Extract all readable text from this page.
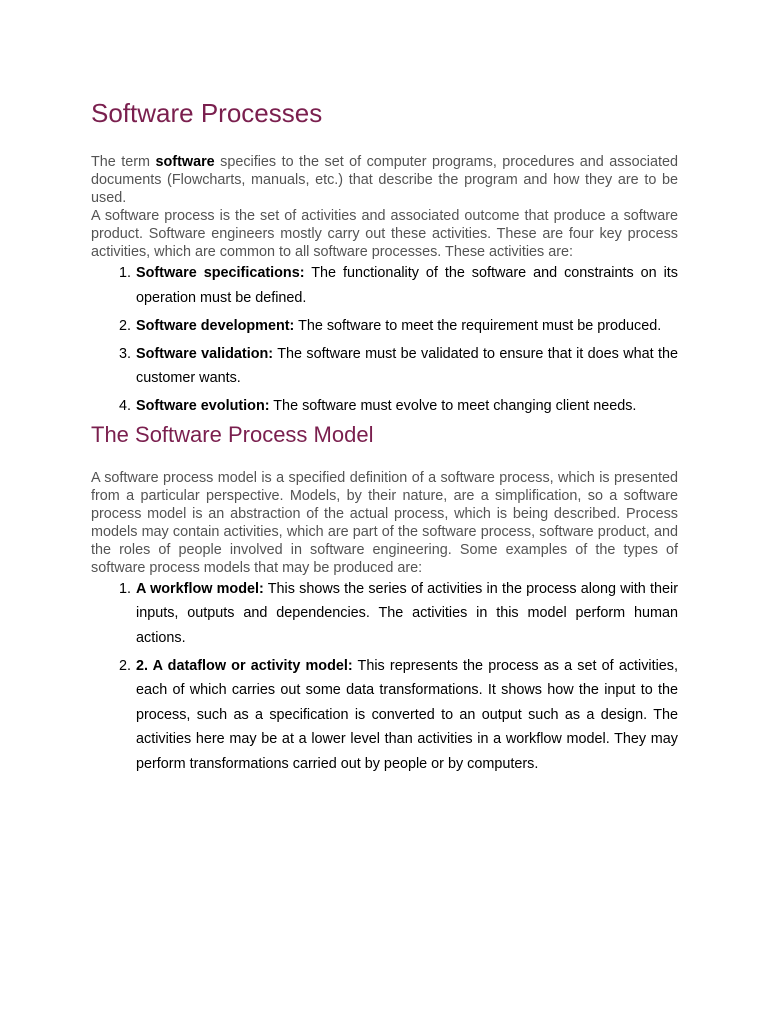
Software Processes

The term software specifies to the set of computer programs, procedures and associated documents (Flowcharts, manuals, etc.) that describe the program and how they are to be used.

A software process is the set of activities and associated outcome that produce a software product. Software engineers mostly carry out these activities. These are four key process activities, which are common to all software processes. These activities are:

1. Software specifications: The functionality of the software and constraints on its operation must be defined.
2. Software development: The software to meet the requirement must be produced.
3. Software validation: The software must be validated to ensure that it does what the customer wants.
4. Software evolution: The software must evolve to meet changing client needs.
The Software Process Model

A software process model is a specified definition of a software process, which is presented from a particular perspective. Models, by their nature, are a simplification, so a software process model is an abstraction of the actual process, which is being described. Process models may contain activities, which are part of the software process, software product, and the roles of people involved in software engineering. Some examples of the types of software process models that may be produced are:

1. A workflow model: This shows the series of activities in the process along with their inputs, outputs and dependencies. The activities in this model perform human actions.
2. 2. A dataflow or activity model: This represents the process as a set of activities, each of which carries out some data transformations. It shows how the input to the process, such as a specification is converted to an output such as a design. The activities here may be at a lower level than activities in a workflow model. They may perform transformations carried out by people or by computers.
